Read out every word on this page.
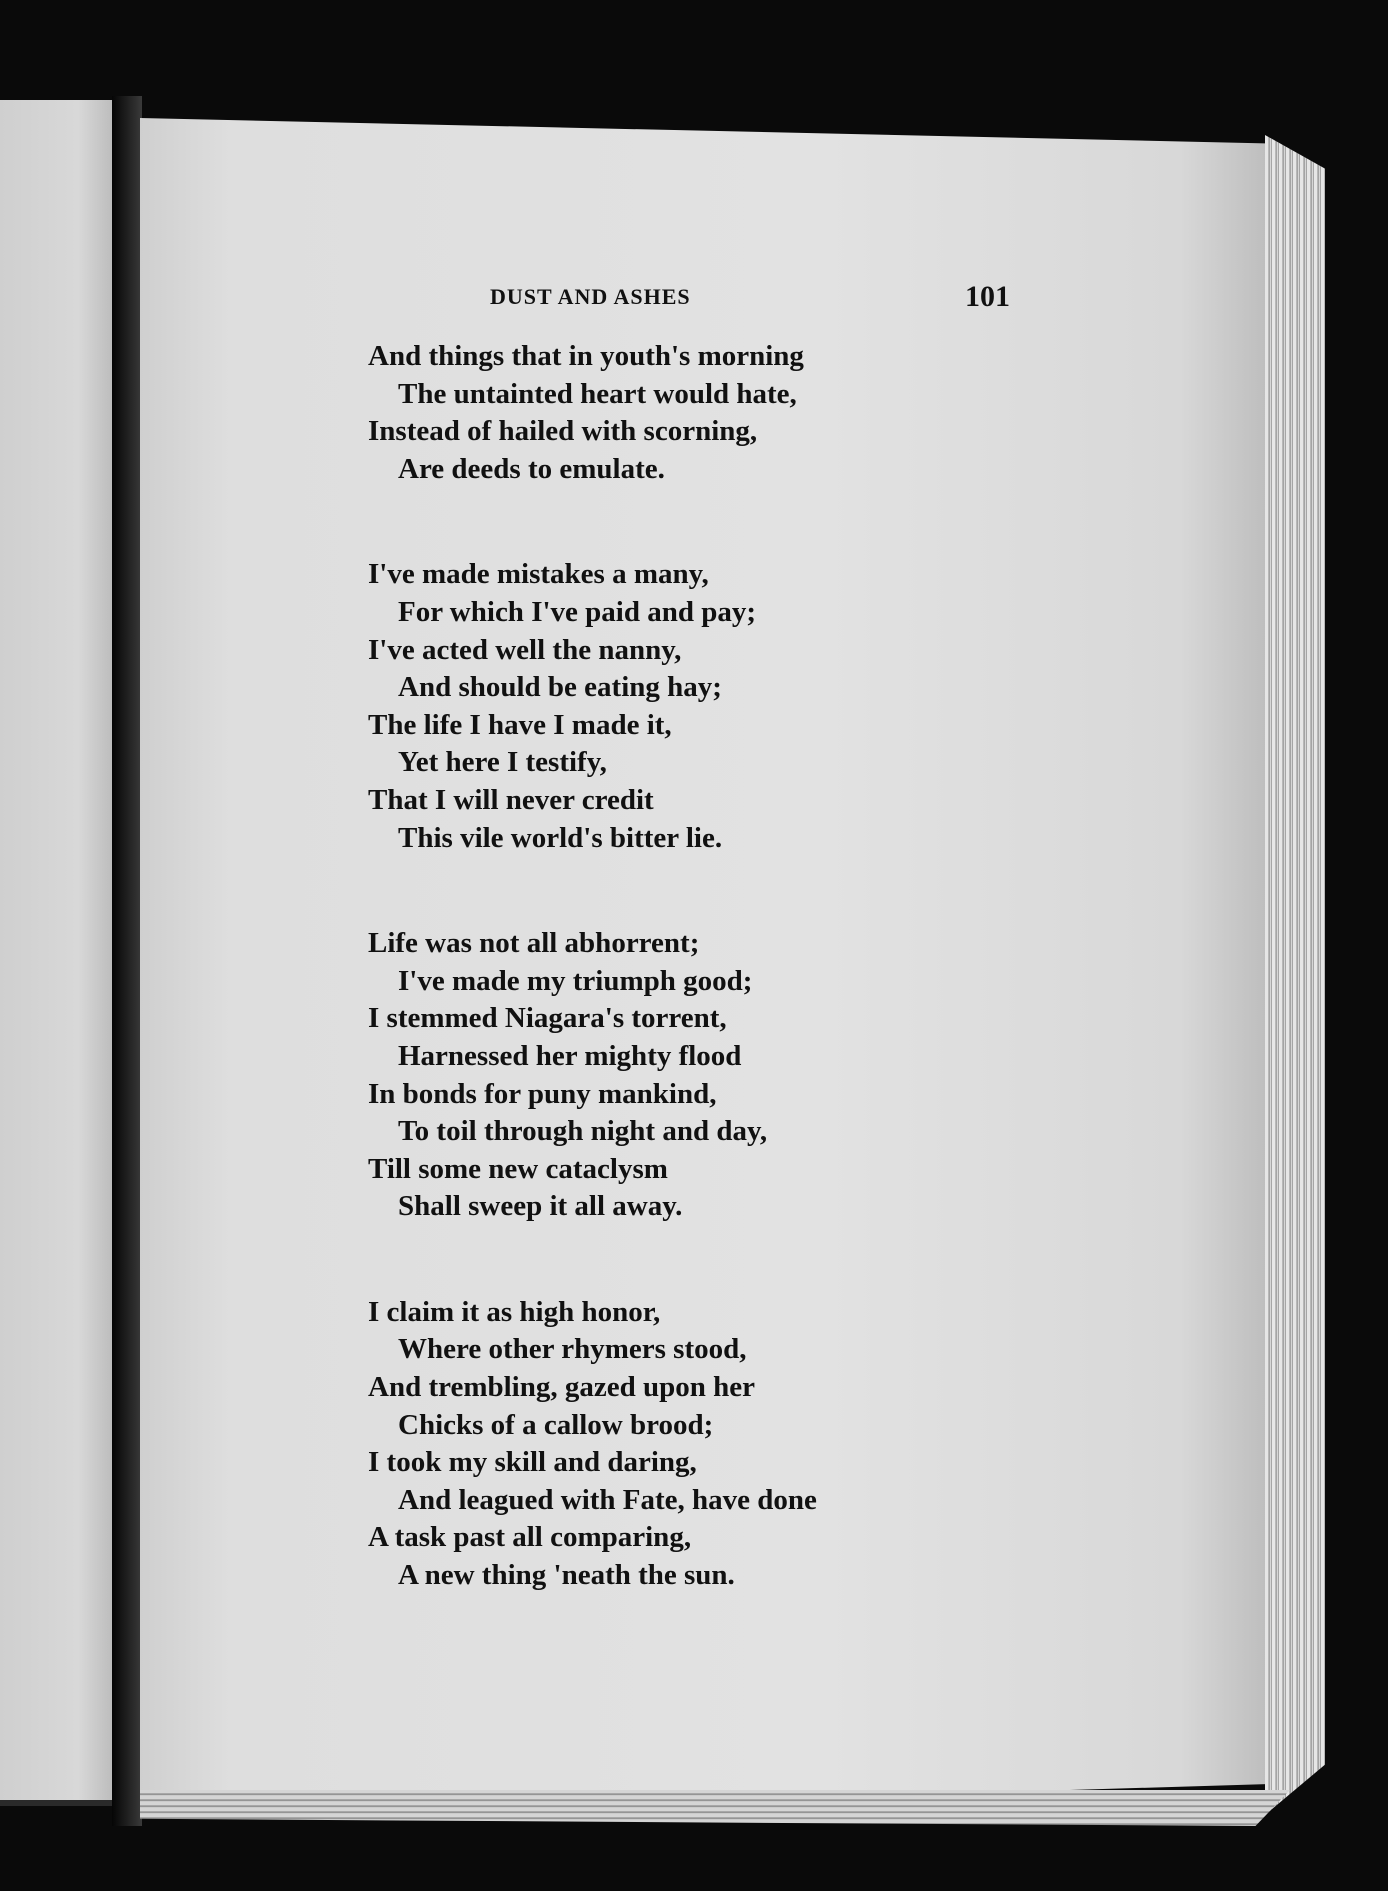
DUST AND ASHES	101
And things that in youth's morning
The untainted heart would hate,
Instead of hailed with scorning,
Are deeds to emulate.
I've made mistakes a many,
For which I've paid and pay;
I've acted well the nanny,
And should be eating hay;
The life I have I made it,
Yet here I testify,
That I will never credit
This vile world's bitter lie.
Life was not all abhorrent;
I've made my triumph good;
I stemmed Niagara's torrent,
Harnessed her mighty flood
In bonds for puny mankind,
To toil through night and day,
Till some new cataclysm
Shall sweep it all away.
I claim it as high honor,
Where other rhymers stood,
And trembling, gazed upon her
Chicks of a callow brood;
I took my skill and daring,
And leagued with Fate, have done
A task past all comparing,
A new thing 'neath the sun.
